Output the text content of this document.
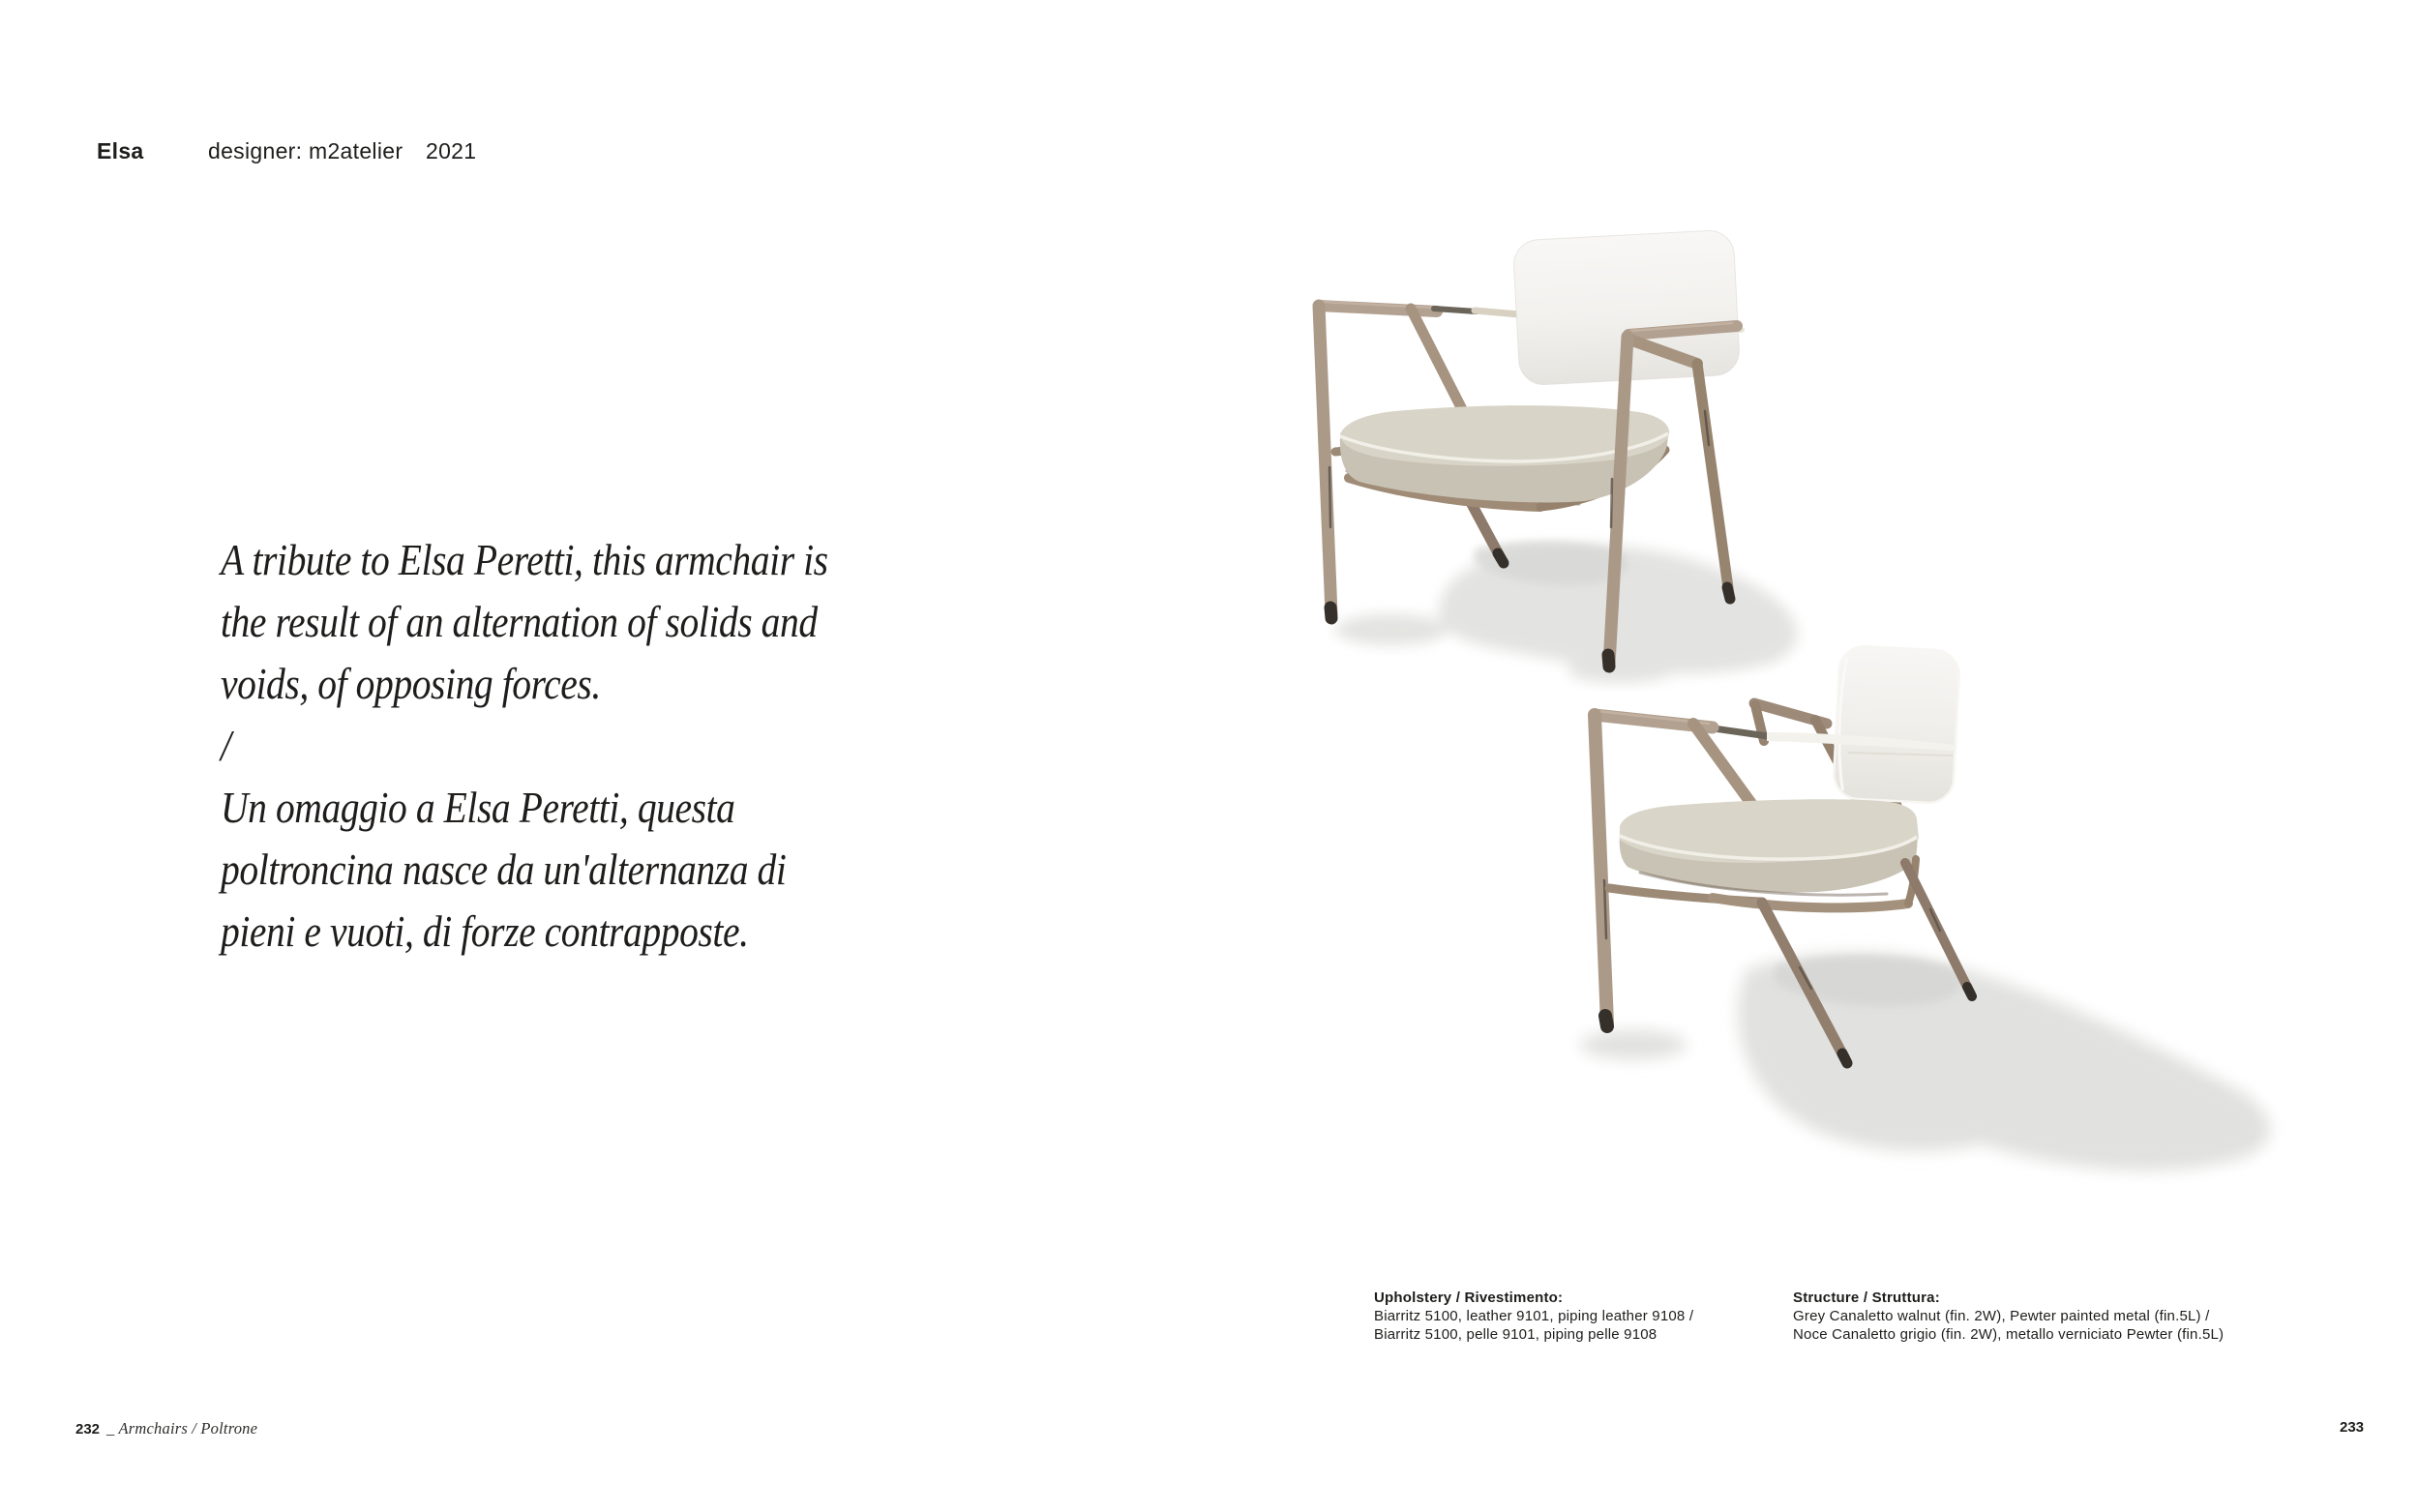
Elsa	designer: m2atelier 2021
A tribute to Elsa Peretti, this armchair is
the result of an alternation of solids and
voids, of opposing forces.
/
Un omaggio a Elsa Peretti, questa
poltroncina nasce da un'alternanza di
pieni e vuoti, di forze contrapposte.
Upholstery / Rivestimento:
Biarritz 5100, leather 9101, piping leather 9108 /
Biarritz 5100, pelle 9101, piping pelle 9108
Structure / Struttura:
Grey Canaletto walnut (fin. 2W), Pewter painted metal (fin.5L) /
Noce Canaletto grigio (fin. 2W), metallo verniciato Pewter (fin.5L)
232 _ Armchairs / Poltrone	233
